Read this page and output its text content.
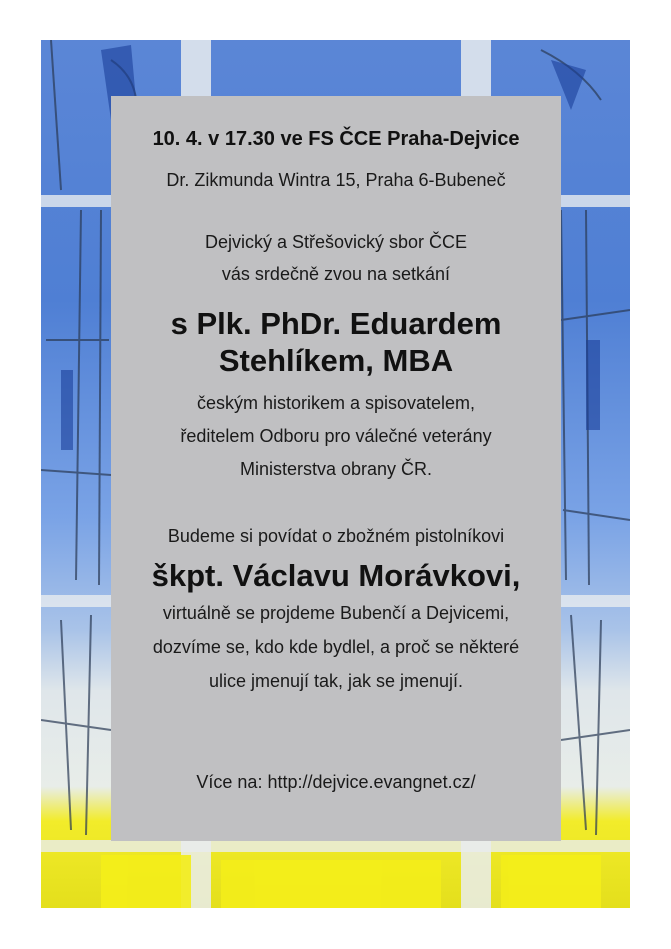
10. 4. v 17.30 ve FS ČCE Praha-Dejvice
Dr. Zikmunda Wintra 15, Praha 6-Bubeneč
Dejvický a Střešovický sbor ČCE
vás srdečně zvou na setkání
s Plk. PhDr. Eduardem
Stehlíkem, MBA
českým historikem a spisovatelem,
ředitelem Odboru pro válečné veterány
Ministerstva obrany ČR.
Budeme si povídat o zbožném pistolníkovi
škpt. Václavu Morávkovi,
virtuálně se projdeme Bubenčí a Dejvicemi,
dozvíme se, kdo kde bydlel, a proč se některé
ulice jmenují tak, jak se jmenují.
Více na: http://dejvice.evangnet.cz/
